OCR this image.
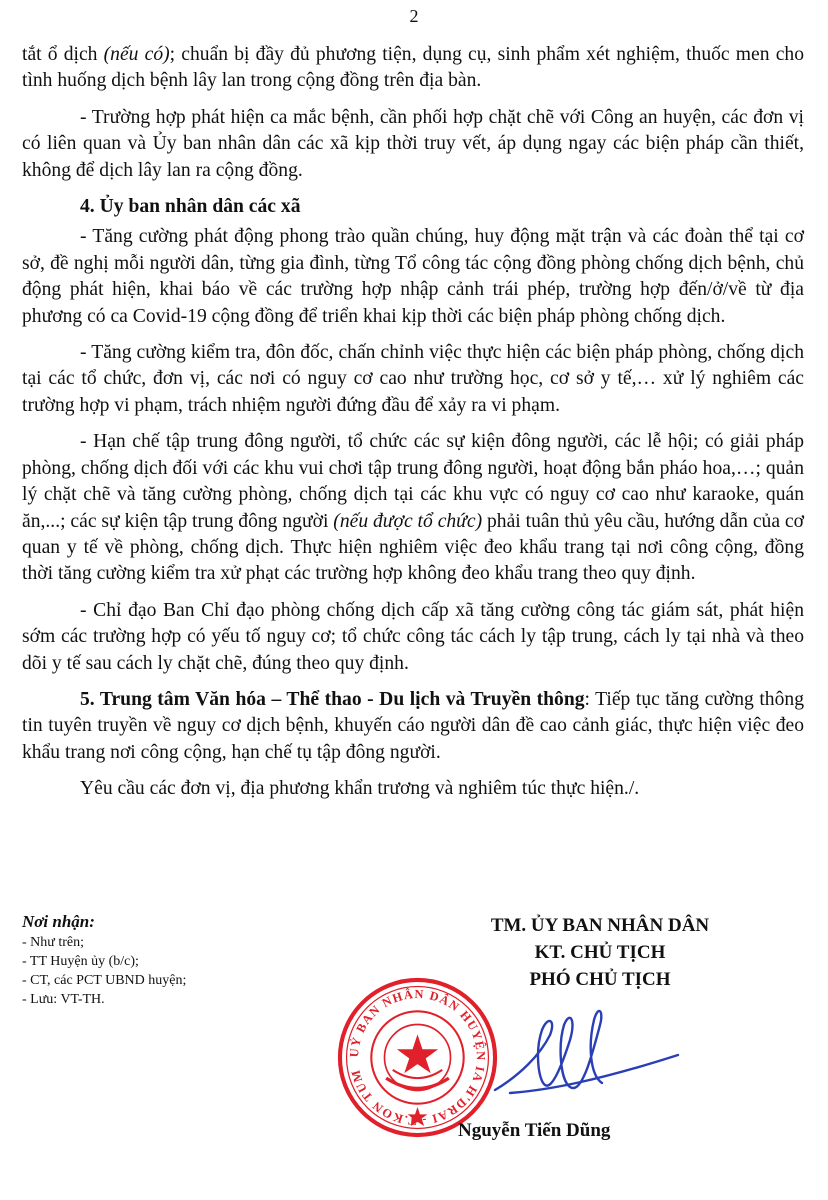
2

tắt ổ dịch (nếu có); chuẩn bị đầy đủ phương tiện, dụng cụ, sinh phẩm xét nghiệm, thuốc men cho tình huống dịch bệnh lây lan trong cộng đồng trên địa bàn.

- Trường hợp phát hiện ca mắc bệnh, cần phối hợp chặt chẽ với Công an huyện, các đơn vị có liên quan và Ủy ban nhân dân các xã kịp thời truy vết, áp dụng ngay các biện pháp cần thiết, không để dịch lây lan ra cộng đồng.

4. Ủy ban nhân dân các xã

- Tăng cường phát động phong trào quần chúng, huy động mặt trận và các đoàn thể tại cơ sở, đề nghị mỗi người dân, từng gia đình, từng Tổ công tác cộng đồng phòng chống dịch bệnh, chủ động phát hiện, khai báo về các trường hợp nhập cảnh trái phép, trường hợp đến/ở/về từ địa phương có ca Covid-19 cộng đồng để triển khai kịp thời các biện pháp phòng chống dịch.

- Tăng cường kiểm tra, đôn đốc, chấn chỉnh việc thực hiện các biện pháp phòng, chống dịch tại các tổ chức, đơn vị, các nơi có nguy cơ cao như trường học, cơ sở y tế,… xử lý nghiêm các trường hợp vi phạm, trách nhiệm người đứng đầu để xảy ra vi phạm.

- Hạn chế tập trung đông người, tổ chức các sự kiện đông người, các lễ hội; có giải pháp phòng, chống dịch đối với các khu vui chơi tập trung đông người, hoạt động bắn pháo hoa,…; quản lý chặt chẽ và tăng cường phòng, chống dịch tại các khu vực có nguy cơ cao như karaoke, quán ăn,...; các sự kiện tập trung đông người (nếu được tổ chức) phải tuân thủ yêu cầu, hướng dẫn của cơ quan y tế về phòng, chống dịch. Thực hiện nghiêm việc đeo khẩu trang tại nơi công cộng, đồng thời tăng cường kiểm tra xử phạt các trường hợp không đeo khẩu trang theo quy định.

- Chỉ đạo Ban Chỉ đạo phòng chống dịch cấp xã tăng cường công tác giám sát, phát hiện sớm các trường hợp có yếu tố nguy cơ; tổ chức công tác cách ly tập trung, cách ly tại nhà và theo dõi y tế sau cách ly chặt chẽ, đúng theo quy định.

5. Trung tâm Văn hóa – Thể thao - Du lịch và Truyền thông: Tiếp tục tăng cường thông tin tuyên truyền về nguy cơ dịch bệnh, khuyến cáo người dân đề cao cảnh giác, thực hiện việc đeo khẩu trang nơi công cộng, hạn chế tụ tập đông người.

Yêu cầu các đơn vị, địa phương khẩn trương và nghiêm túc thực hiện./.

Nơi nhận:
- Như trên;
- TT Huyện ủy (b/c);
- CT, các PCT UBND huyện;
- Lưu: VT-TH.
TM. ỦY BAN NHÂN DÂN
KT. CHỦ TỊCH
PHÓ CHỦ TỊCH
UỶ BAN NHÂN DÂN HUYỆN IA H'DRAI - T.KON TUM
Nguyễn Tiến Dũng
